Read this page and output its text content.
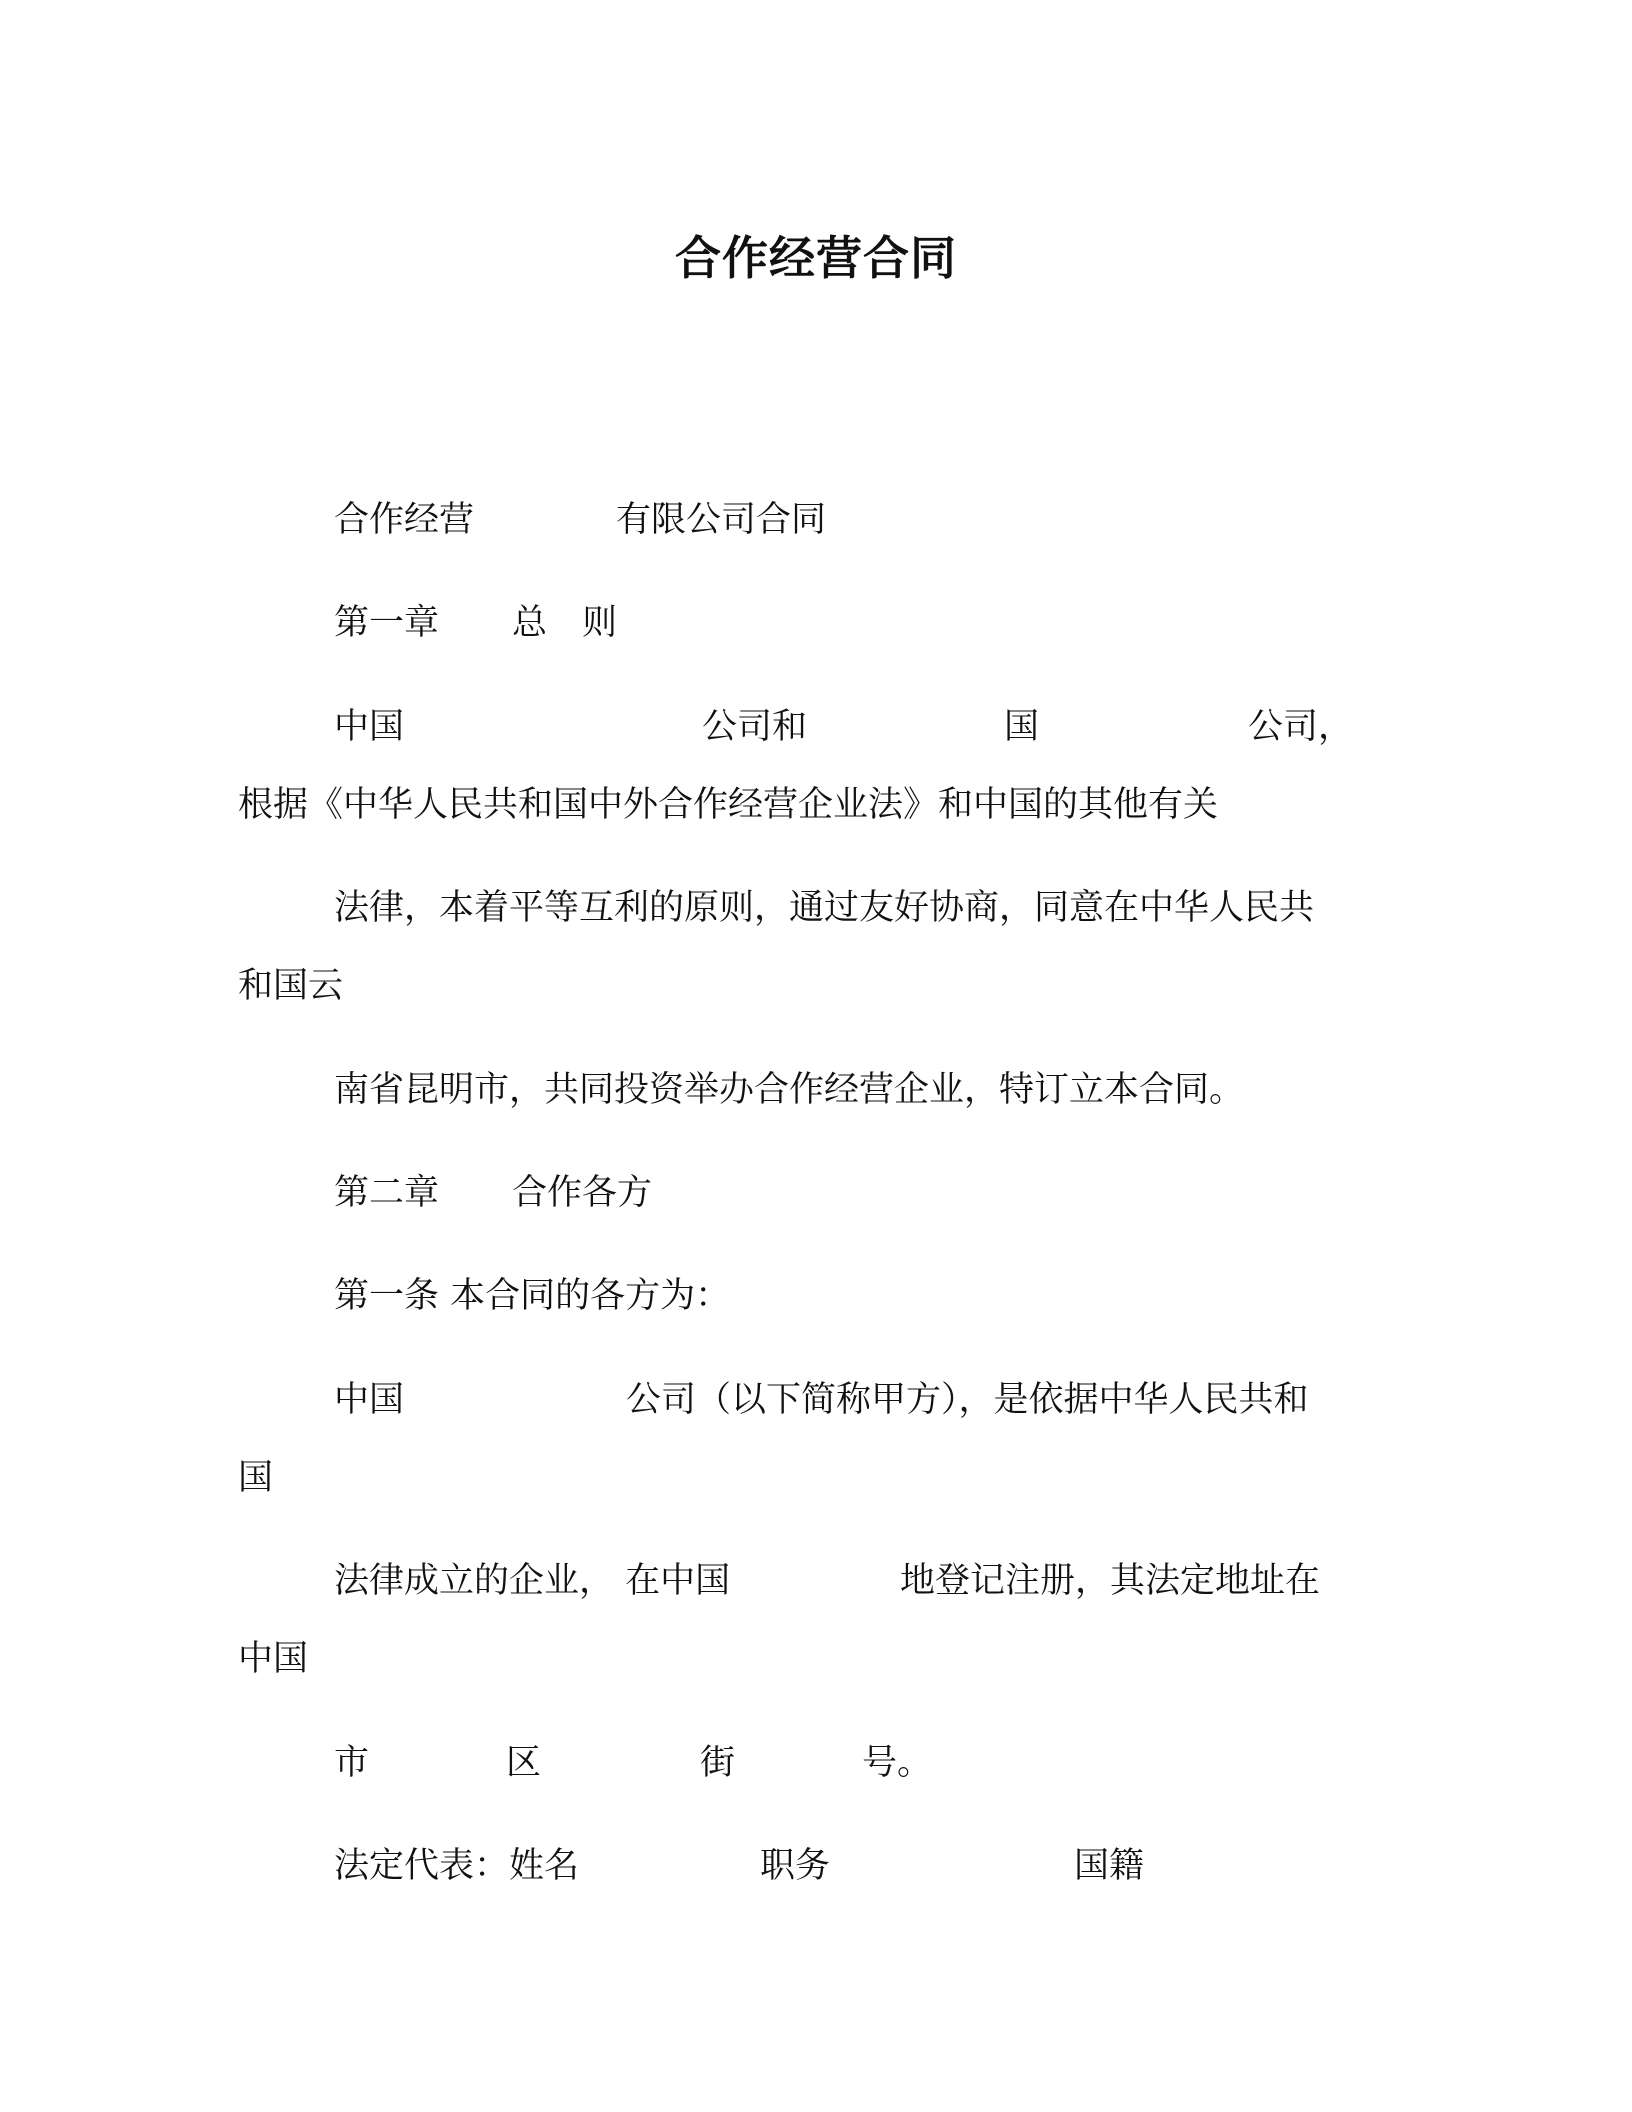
合作经营合同
合作经营	有限公司合同
第一章 总 则
中国	公司和	国	公司，
根据《中华人民共和国中外合作经营企业法》和中国的其他有关
法律，本着平等互利的原则，通过友好协商，同意在中华人民共
和国云
南省昆明市，共同投资举办合作经营企业，特订立本合同。
第二章 合作各方
第一条 本合同的各方为：
中国	公司（以下简称甲方），是依据中华人民共和
国
法律成立的企业， 在中国	地登记注册，其法定地址在
中国
市	区	街	号。
法定代表：姓名	职务	国籍
